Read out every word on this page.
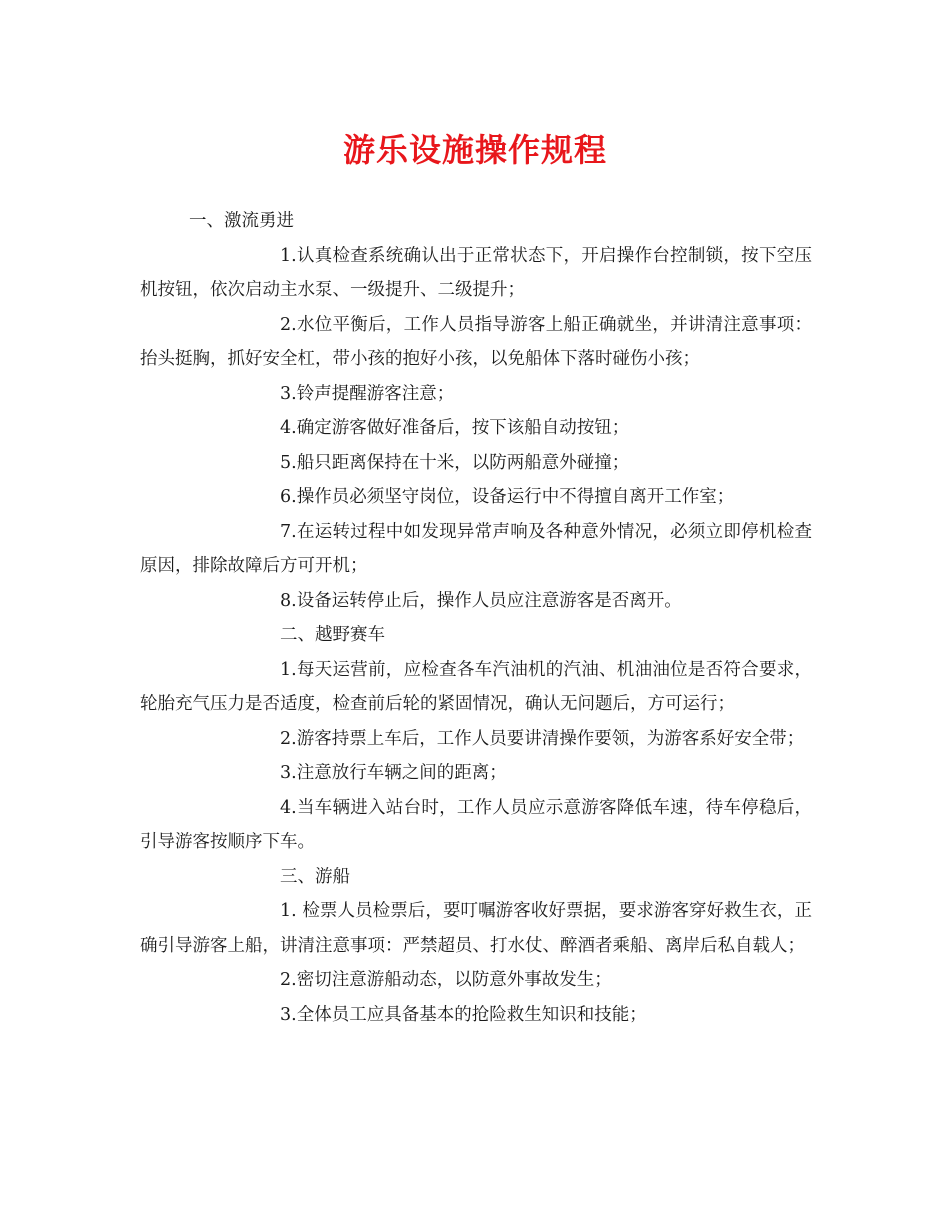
游乐设施操作规程

一、激流勇进

1.认真检查系统确认出于正常状态下，开启操作台控制锁，按下空压机按钮，依次启动主水泵、一级提升、二级提升；

2.水位平衡后，工作人员指导游客上船正确就坐，并讲清注意事项：抬头挺胸，抓好安全杠，带小孩的抱好小孩，以免船体下落时碰伤小孩；

3.铃声提醒游客注意；

4.确定游客做好准备后，按下该船自动按钮；

5.船只距离保持在十米，以防两船意外碰撞；

6.操作员必须坚守岗位，设备运行中不得擅自离开工作室；

7.在运转过程中如发现异常声响及各种意外情况，必须立即停机检查原因，排除故障后方可开机；

8.设备运转停止后，操作人员应注意游客是否离开。

二、越野赛车

1.每天运营前，应检查各车汽油机的汽油、机油油位是否符合要求，轮胎充气压力是否适度，检查前后轮的紧固情况，确认无问题后，方可运行；

2.游客持票上车后，工作人员要讲清操作要领，为游客系好安全带；

3.注意放行车辆之间的距离；

4.当车辆进入站台时，工作人员应示意游客降低车速，待车停稳后，引导游客按顺序下车。

三、游船

1. 检票人员检票后，要叮嘱游客收好票据，要求游客穿好救生衣，正确引导游客上船，讲清注意事项：严禁超员、打水仗、醉酒者乘船、离岸后私自载人；

2.密切注意游船动态，以防意外事故发生；

3.全体员工应具备基本的抢险救生知识和技能；
